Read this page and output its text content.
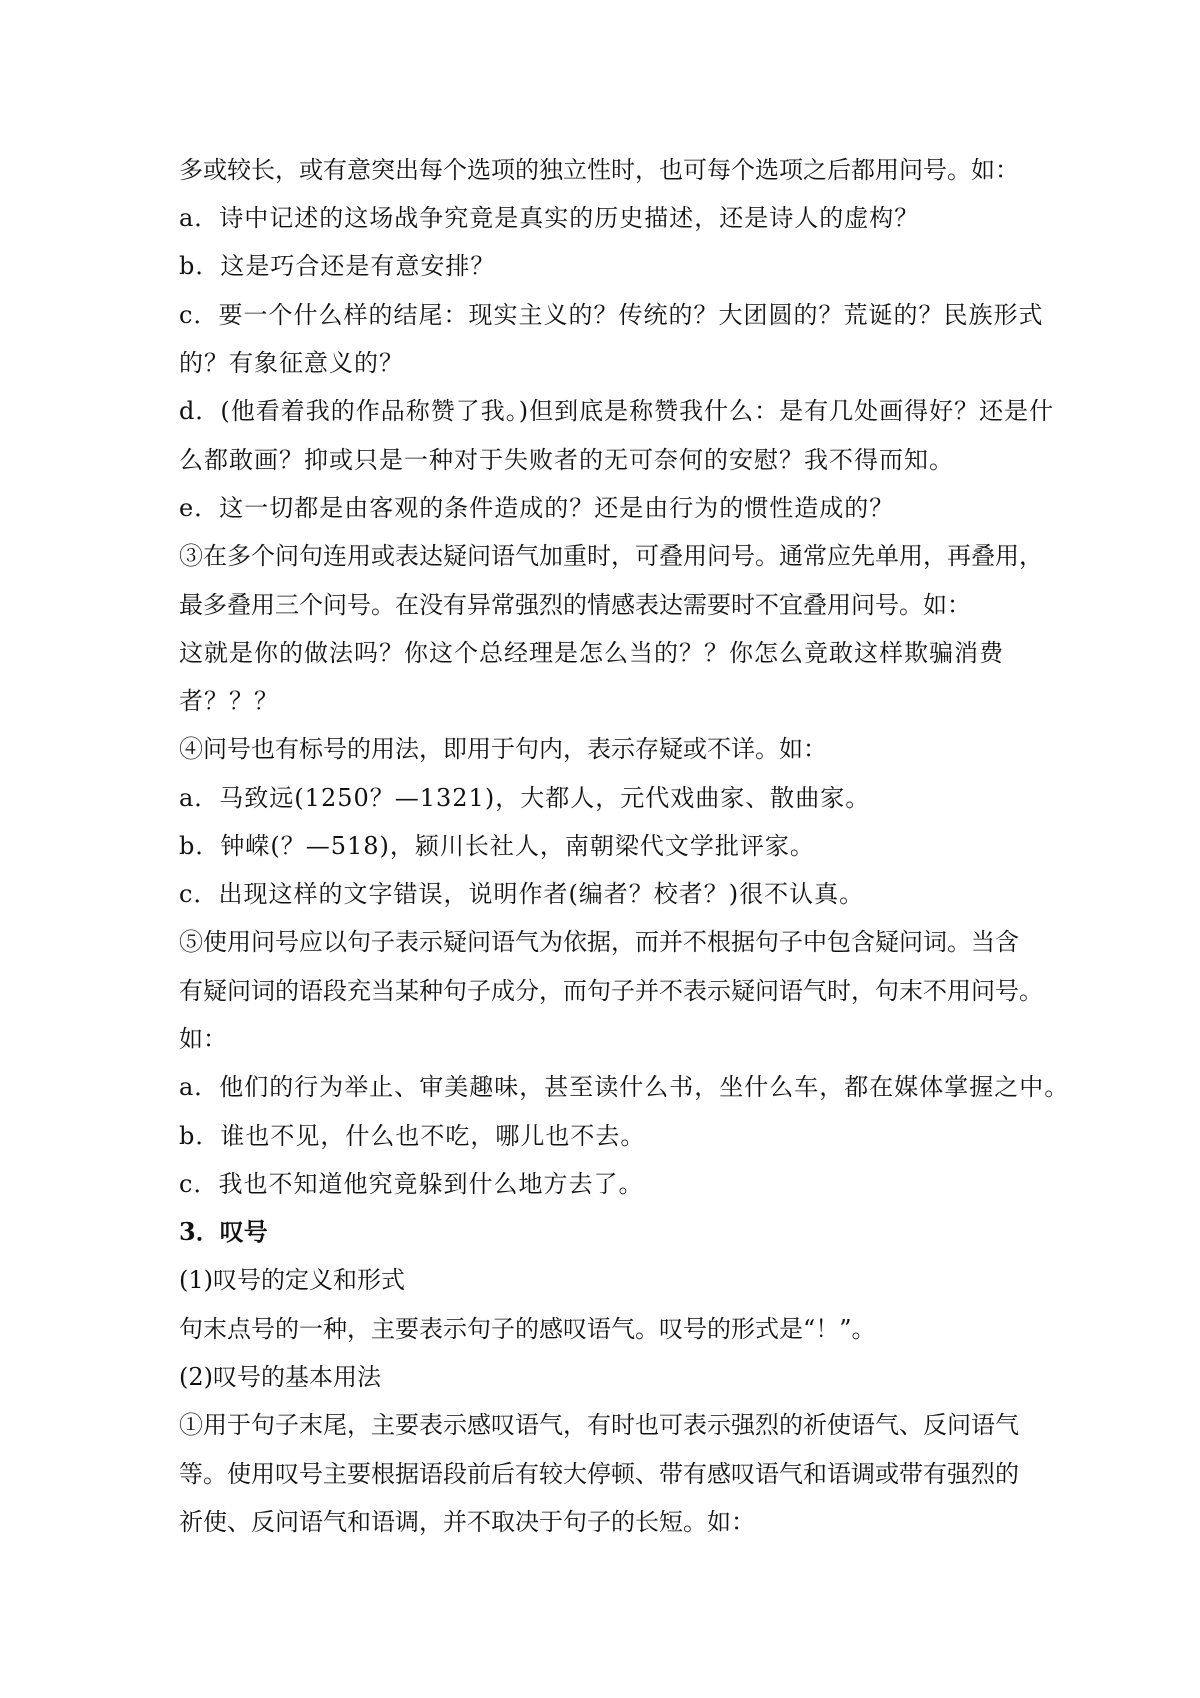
多或较长，或有意突出每个选项的独立性时，也可每个选项之后都用问号。如：
a．诗中记述的这场战争究竟是真实的历史描述，还是诗人的虚构？
b．这是巧合还是有意安排？
c．要一个什么样的结尾：现实主义的？传统的？大团圆的？荒诞的？民族形式
的？有象征意义的？
d．(他看着我的作品称赞了我。)但到底是称赞我什么：是有几处画得好？还是什
么都敢画？抑或只是一种对于失败者的无可奈何的安慰？我不得而知。
e．这一切都是由客观的条件造成的？还是由行为的惯性造成的？
③在多个问句连用或表达疑问语气加重时，可叠用问号。通常应先单用，再叠用，
最多叠用三个问号。在没有异常强烈的情感表达需要时不宜叠用问号。如：
这就是你的做法吗？你这个总经理是怎么当的？？你怎么竟敢这样欺骗消费
者？？？
④问号也有标号的用法，即用于句内，表示存疑或不详。如：
a．马致远(1250？—1321)，大都人，元代戏曲家、散曲家。
b．钟嵘(？—518)，颍川长社人，南朝梁代文学批评家。
c．出现这样的文字错误，说明作者(编者？校者？)很不认真。
⑤使用问号应以句子表示疑问语气为依据，而并不根据句子中包含疑问词。当含
有疑问词的语段充当某种句子成分，而句子并不表示疑问语气时，句末不用问号。
如：
a．他们的行为举止、审美趣味，甚至读什么书，坐什么车，都在媒体掌握之中。
b．谁也不见，什么也不吃，哪儿也不去。
c．我也不知道他究竟躲到什么地方去了。
3．叹号
(1)叹号的定义和形式
句末点号的一种，主要表示句子的感叹语气。叹号的形式是“！”。
(2)叹号的基本用法
①用于句子末尾，主要表示感叹语气，有时也可表示强烈的祈使语气、反问语气
等。使用叹号主要根据语段前后有较大停顿、带有感叹语气和语调或带有强烈的
祈使、反问语气和语调，并不取决于句子的长短。如：
